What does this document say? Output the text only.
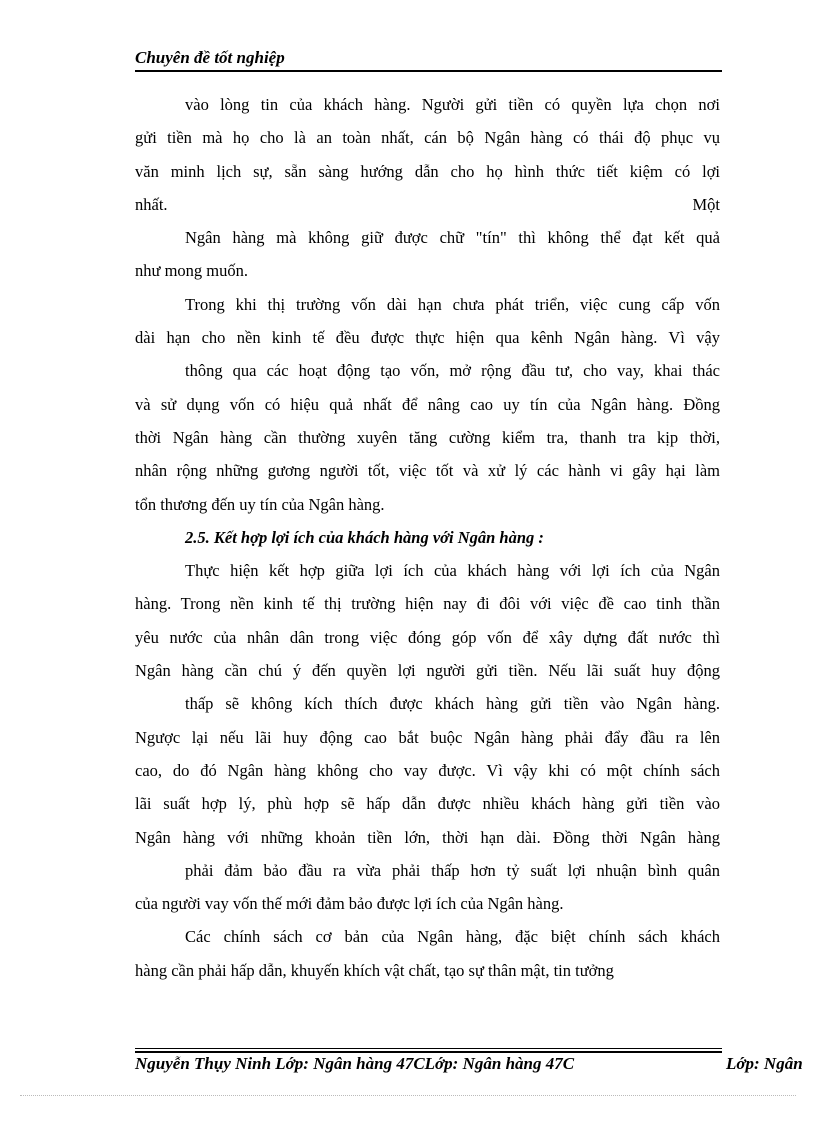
Chuyên đề tốt nghiệp
vào lòng tin của khách hàng. Người gửi tiền có quyền lựa chọn nơi
gửi tiền mà họ cho là an toàn nhất, cán bộ Ngân hàng có thái độ phục vụ
văn minh lịch sự, sẵn sàng hướng dẫn cho họ hình thức tiết kiệm có lợi
nhất.                                                                                                    Một
Ngân hàng mà không giữ được chữ "tín" thì không thể đạt kết quả
như mong muốn.
Trong khi thị trường vốn dài hạn chưa phát triển, việc cung cấp vốn
dài hạn cho nền kinh tế đều được thực hiện qua kênh Ngân hàng. Vì vậy
thông qua các hoạt động tạo vốn, mở rộng đầu tư, cho vay, khai thác
và sử dụng vốn có hiệu quả nhất để nâng cao uy tín của Ngân hàng. Đồng
thời Ngân hàng cần thường xuyên tăng cường kiểm tra, thanh tra kịp thời,
nhân rộng những gương người tốt, việc tốt và xử lý các hành vi gây hại làm
tổn thương đến uy tín của Ngân hàng.
2.5. Kết hợp lợi ích của khách hàng với Ngân hàng :
Thực hiện kết hợp giữa lợi ích của khách hàng với lợi ích của Ngân
hàng. Trong nền kinh tế thị trường hiện nay đi đôi với việc đề cao tinh thần
yêu nước của nhân dân trong việc đóng góp vốn để xây dựng đất nước thì
Ngân hàng cần chú ý đến quyền lợi người gửi tiền. Nếu lãi suất huy động
thấp sẽ không kích thích được khách hàng gửi tiền vào Ngân hàng.
Ngược lại nếu lãi huy động cao bắt buộc Ngân hàng phải đẩy đầu ra lên
cao, do đó Ngân hàng không cho vay được. Vì vậy khi có một chính sách
lãi suất hợp lý, phù hợp sẽ hấp dẫn được nhiều khách hàng gửi tiền vào
Ngân hàng với những khoản tiền lớn, thời hạn dài. Đồng thời Ngân hàng
phải đảm bảo đầu ra vừa phải thấp hơn tỷ suất lợi nhuận bình quân
của người vay vốn thế mới đảm bảo được lợi ích của Ngân hàng.
Các chính sách cơ bản của Ngân hàng, đặc biệt chính sách khách
hàng cần phải hấp dẫn, khuyến khích vật chất, tạo sự thân mật, tin tưởng
Nguyễn Thụy Ninh Lớp: Ngân hàng 47CLớp: Ngân hàng 47C	Lớp: Ngân
